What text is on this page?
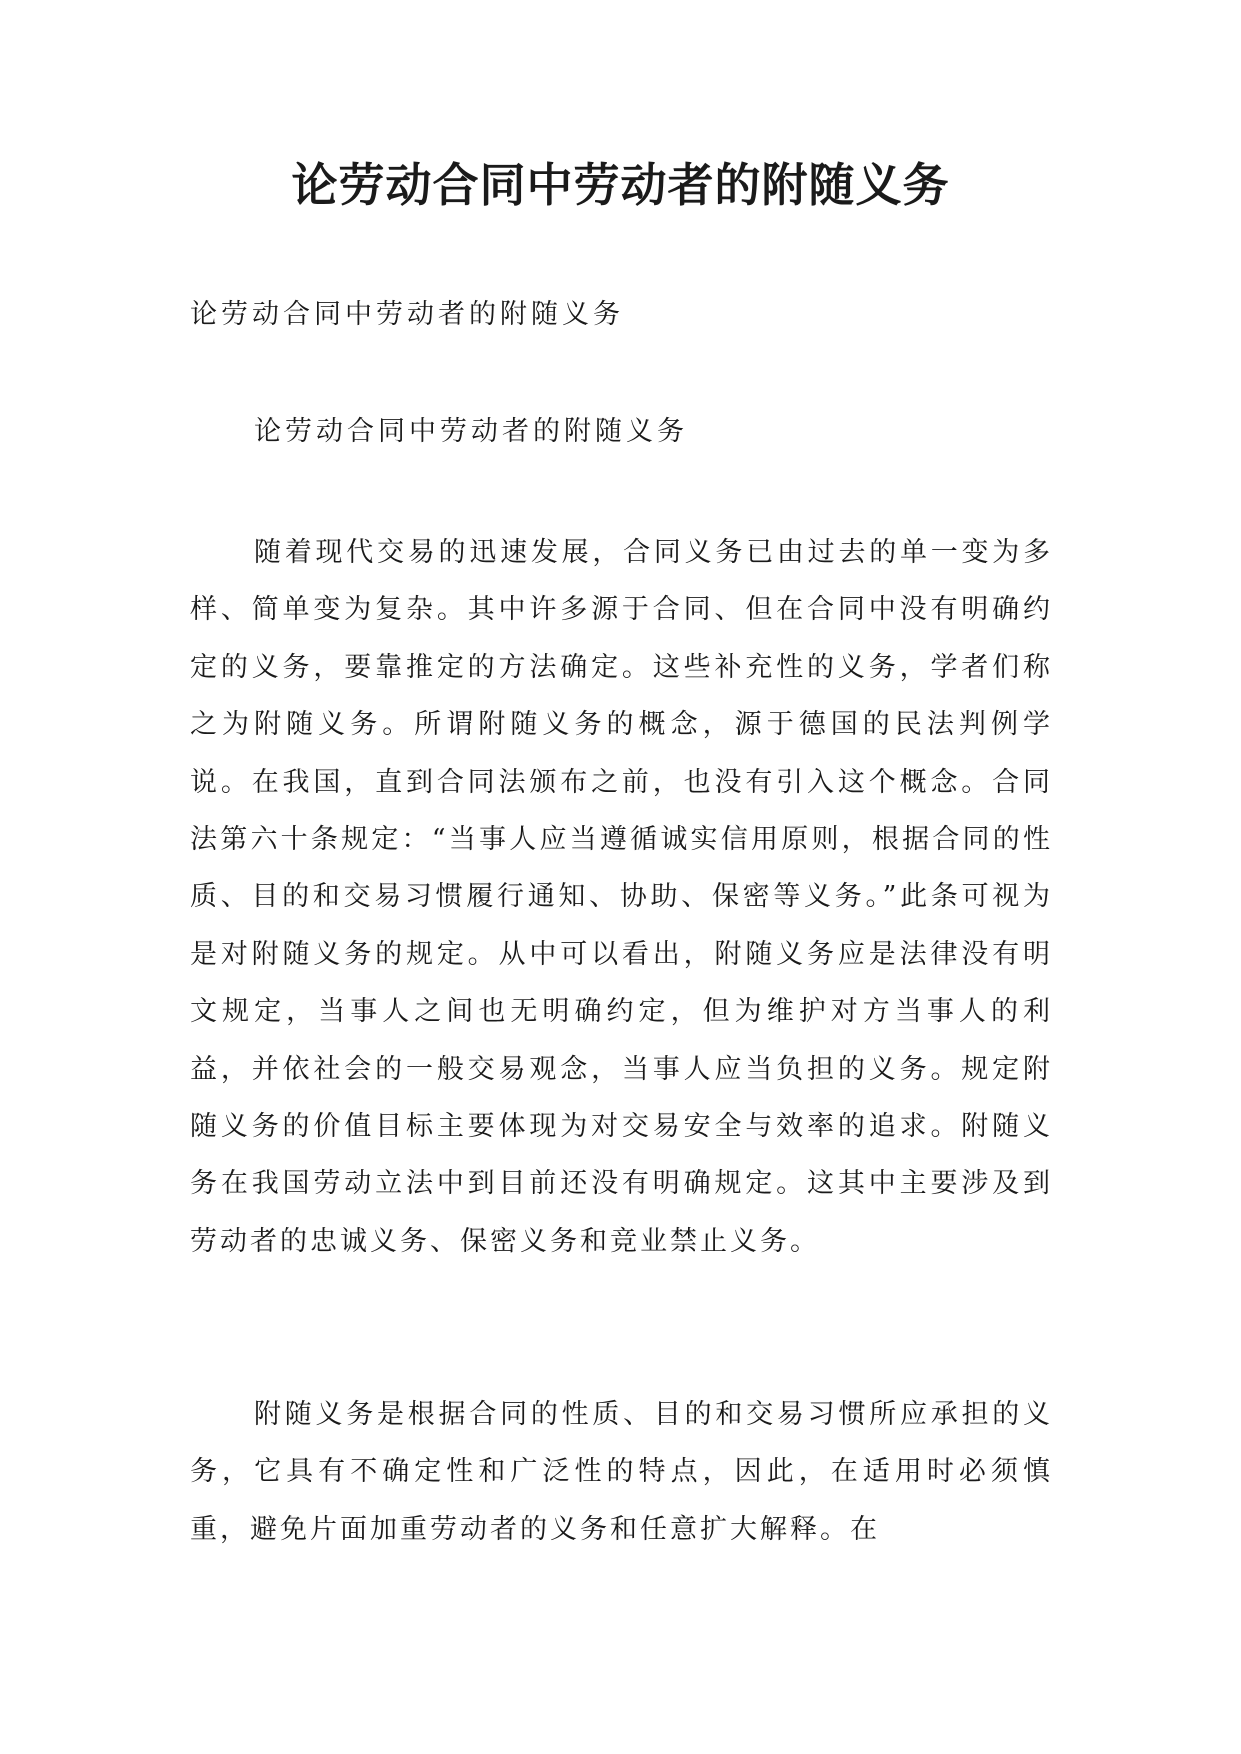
论劳动合同中劳动者的附随义务

论劳动合同中劳动者的附随义务

论劳动合同中劳动者的附随义务

随着现代交易的迅速发展，合同义务已由过去的单一变为多样、简单变为复杂。其中许多源于合同、但在合同中没有明确约定的义务，要靠推定的方法确定。这些补充性的义务，学者们称之为附随义务。所谓附随义务的概念，源于德国的民法判例学说。在我国，直到合同法颁布之前，也没有引入这个概念。合同法第六十条规定：“当事人应当遵循诚实信用原则，根据合同的性质、目的和交易习惯履行通知、协助、保密等义务。”此条可视为是对附随义务的规定。从中可以看出，附随义务应是法律没有明文规定，当事人之间也无明确约定，但为维护对方当事人的利益，并依社会的一般交易观念，当事人应当负担的义务。规定附随义务的价值目标主要体现为对交易安全与效率的追求。附随义务在我国劳动立法中到目前还没有明确规定。这其中主要涉及到劳动者的忠诚义务、保密义务和竞业禁止义务。

附随义务是根据合同的性质、目的和交易习惯所应承担的义务，它具有不确定性和广泛性的特点，因此，在适用时必须慎重，避免片面加重劳动者的义务和任意扩大解释。在
